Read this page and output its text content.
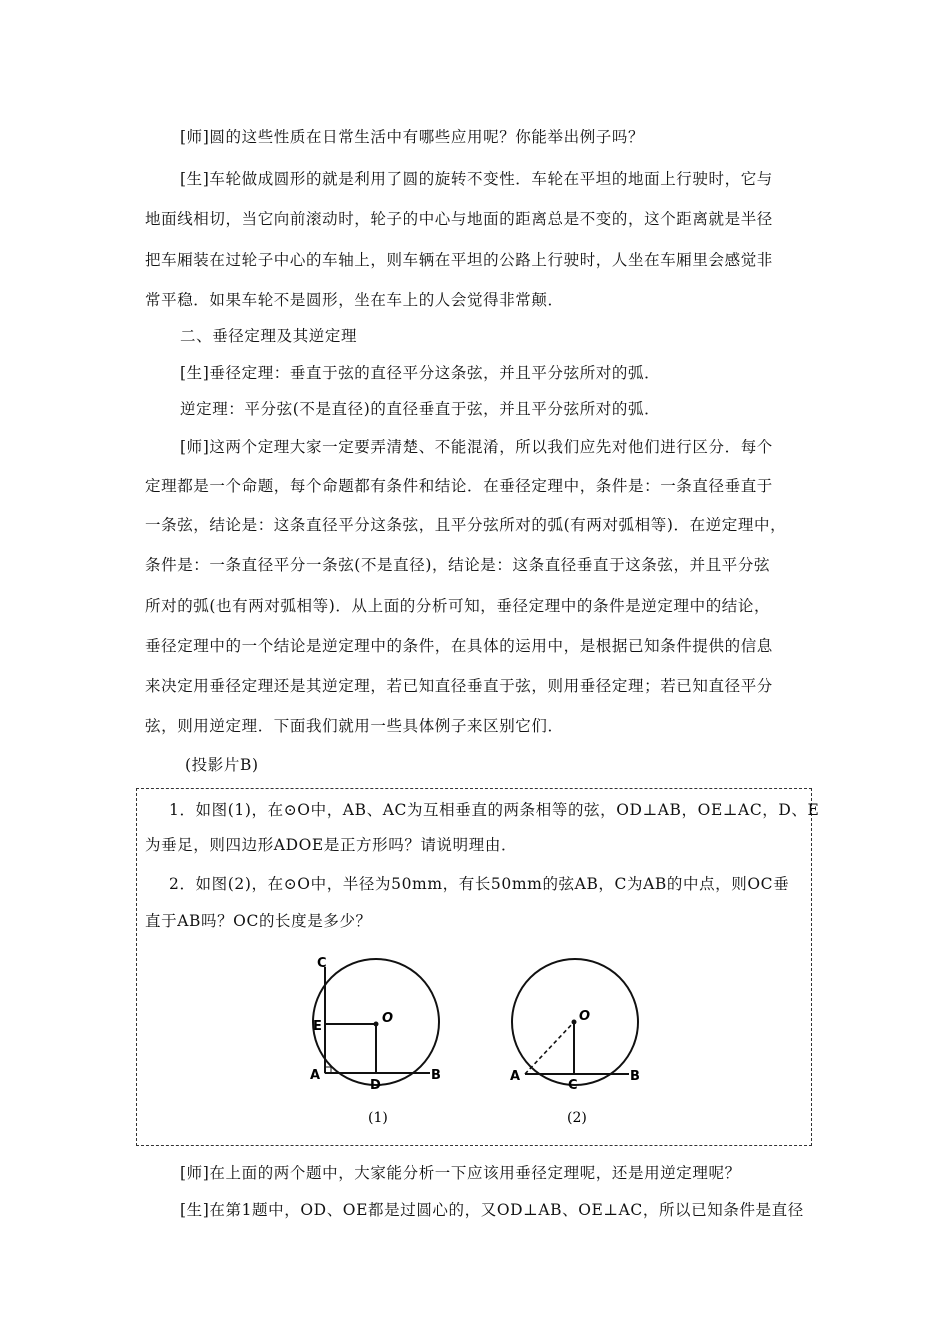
[师]圆的这些性质在日常生活中有哪些应用呢？你能举出例子吗？
[生]车轮做成圆形的就是利用了圆的旋转不变性．车轮在平坦的地面上行驶时，它与
地面线相切，当它向前滚动时，轮子的中心与地面的距离总是不变的，这个距离就是半径
把车厢装在过轮子中心的车轴上，则车辆在平坦的公路上行驶时，人坐在车厢里会感觉非
常平稳．如果车轮不是圆形，坐在车上的人会觉得非常颠．
二、垂径定理及其逆定理
[生]垂径定理：垂直于弦的直径平分这条弦，并且平分弦所对的弧．
逆定理：平分弦(不是直径)的直径垂直于弦，并且平分弦所对的弧．
[师]这两个定理大家一定要弄清楚、不能混淆，所以我们应先对他们进行区分．每个
定理都是一个命题，每个命题都有条件和结论．在垂径定理中，条件是：一条直径垂直于
一条弦，结论是：这条直径平分这条弦，且平分弦所对的弧(有两对弧相等)．在逆定理中，
条件是：一条直径平分一条弦(不是直径)，结论是：这条直径垂直于这条弦，并且平分弦
所对的弧(也有两对弧相等)．从上面的分析可知，垂径定理中的条件是逆定理中的结论，
垂径定理中的一个结论是逆定理中的条件，在具体的运用中，是根据已知条件提供的信息
来决定用垂径定理还是其逆定理，若已知直径垂直于弦，则用垂径定理；若已知直径平分
弦，则用逆定理．下面我们就用一些具体例子来区别它们．
(投影片B)
1．如图(1)，在⊙O中，AB、AC为互相垂直的两条相等的弦，OD⊥AB，OE⊥AC，D、E
为垂足，则四边形ADOE是正方形吗？请说明理由．
2．如图(2)，在⊙O中，半径为50mm，有长50mm的弦AB，C为AB的中点，则OC垂
直于AB吗？OC的长度是多少？
C
E
O
A
D
B
(1)
O
A
C
B
(2)
[师]在上面的两个题中，大家能分析一下应该用垂径定理呢，还是用逆定理呢？
[生]在第1题中，OD、OE都是过圆心的，又OD⊥AB、OE⊥AC，所以已知条件是直径
